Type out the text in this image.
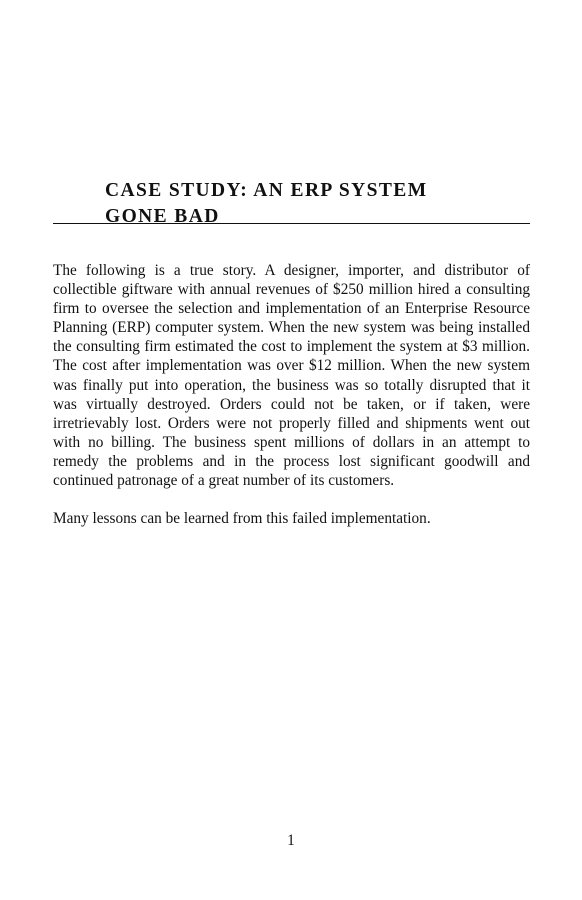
CASE STUDY: AN ERP SYSTEM
GONE BAD

The following is a true story. A designer, importer, and distributor of collectible giftware with annual revenues of $250 million hired a consulting firm to oversee the selection and implementation of an Enterprise Resource Planning (ERP) computer system. When the new system was being installed the consulting firm estimated the cost to implement the system at $3 million. The cost after implementation was over $12 million. When the new system was finally put into operation, the business was so totally disrupted that it was virtually destroyed. Orders could not be taken, or if taken, were irretrievably lost. Orders were not properly filled and shipments went out with no billing. The business spent millions of dollars in an attempt to remedy the problems and in the process lost significant goodwill and continued patronage of a great number of its customers.

Many lessons can be learned from this failed implementation.

1
